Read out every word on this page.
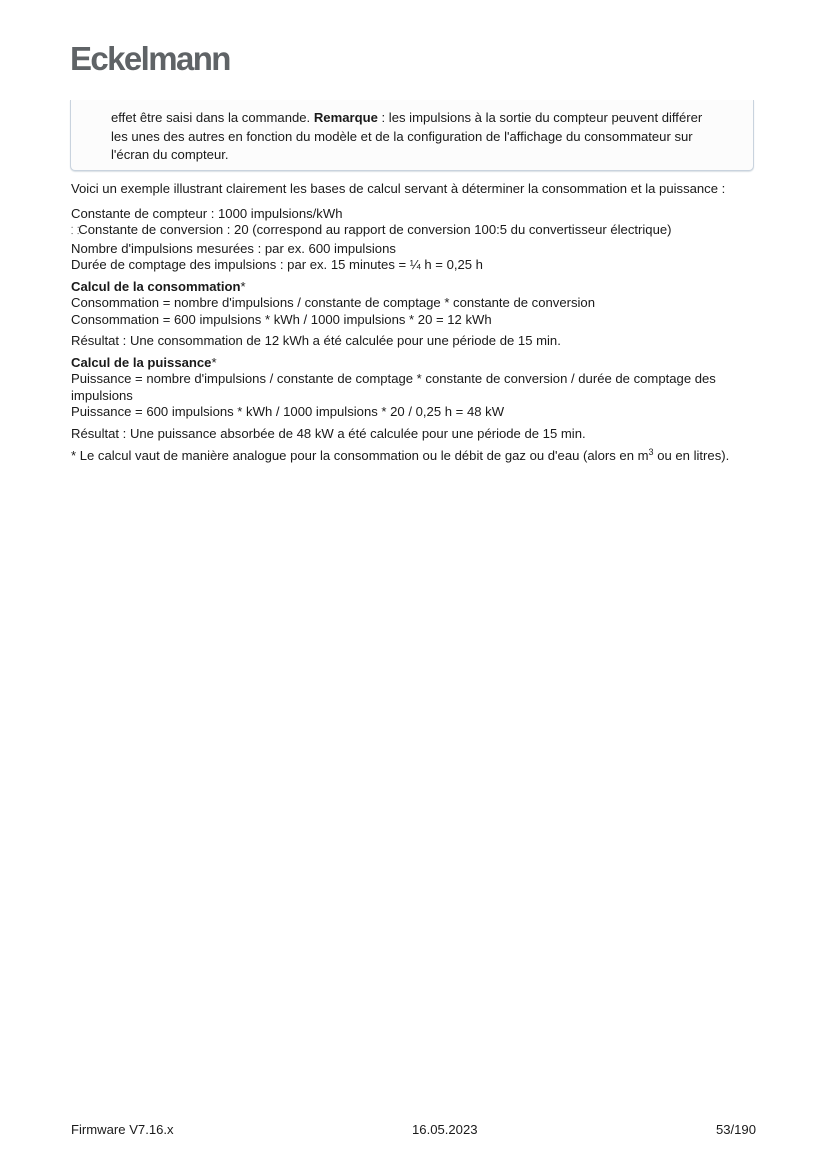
Eckelmann
effet être saisi dans la commande. Remarque : les impulsions à la sortie du compteur peuvent différer
les unes des autres en fonction du modèle et de la configuration de l'affichage du consommateur sur
l'écran du compteur.

Voici un exemple illustrant clairement les bases de calcul servant à déterminer la consommation et la puissance :

Constante de compteur : 1000 impulsions/kWh
⸬Constante de conversion : 20 (correspond au rapport de conversion 100:5 du convertisseur électrique)
Nombre d'impulsions mesurées : par ex. 600 impulsions
Durée de comptage des impulsions : par ex. 15 minutes = ¼ h = 0,25 h
Calcul de la consommation*
Consommation = nombre d'impulsions / constante de comptage * constante de conversion
Consommation = 600 impulsions * kWh / 1000 impulsions * 20 = 12 kWh

Résultat : Une consommation de 12 kWh a été calculée pour une période de 15 min.

Calcul de la puissance*
Puissance = nombre d'impulsions / constante de comptage * constante de conversion / durée de comptage des impulsions
Puissance = 600 impulsions * kWh / 1000 impulsions * 20 / 0,25 h = 48 kW

Résultat : Une puissance absorbée de 48 kW a été calculée pour une période de 15 min.

* Le calcul vaut de manière analogue pour la consommation ou le débit de gaz ou d'eau (alors en $m^3$ ou en litres).

Firmware V7.16.x	16.05.2023	53/190
